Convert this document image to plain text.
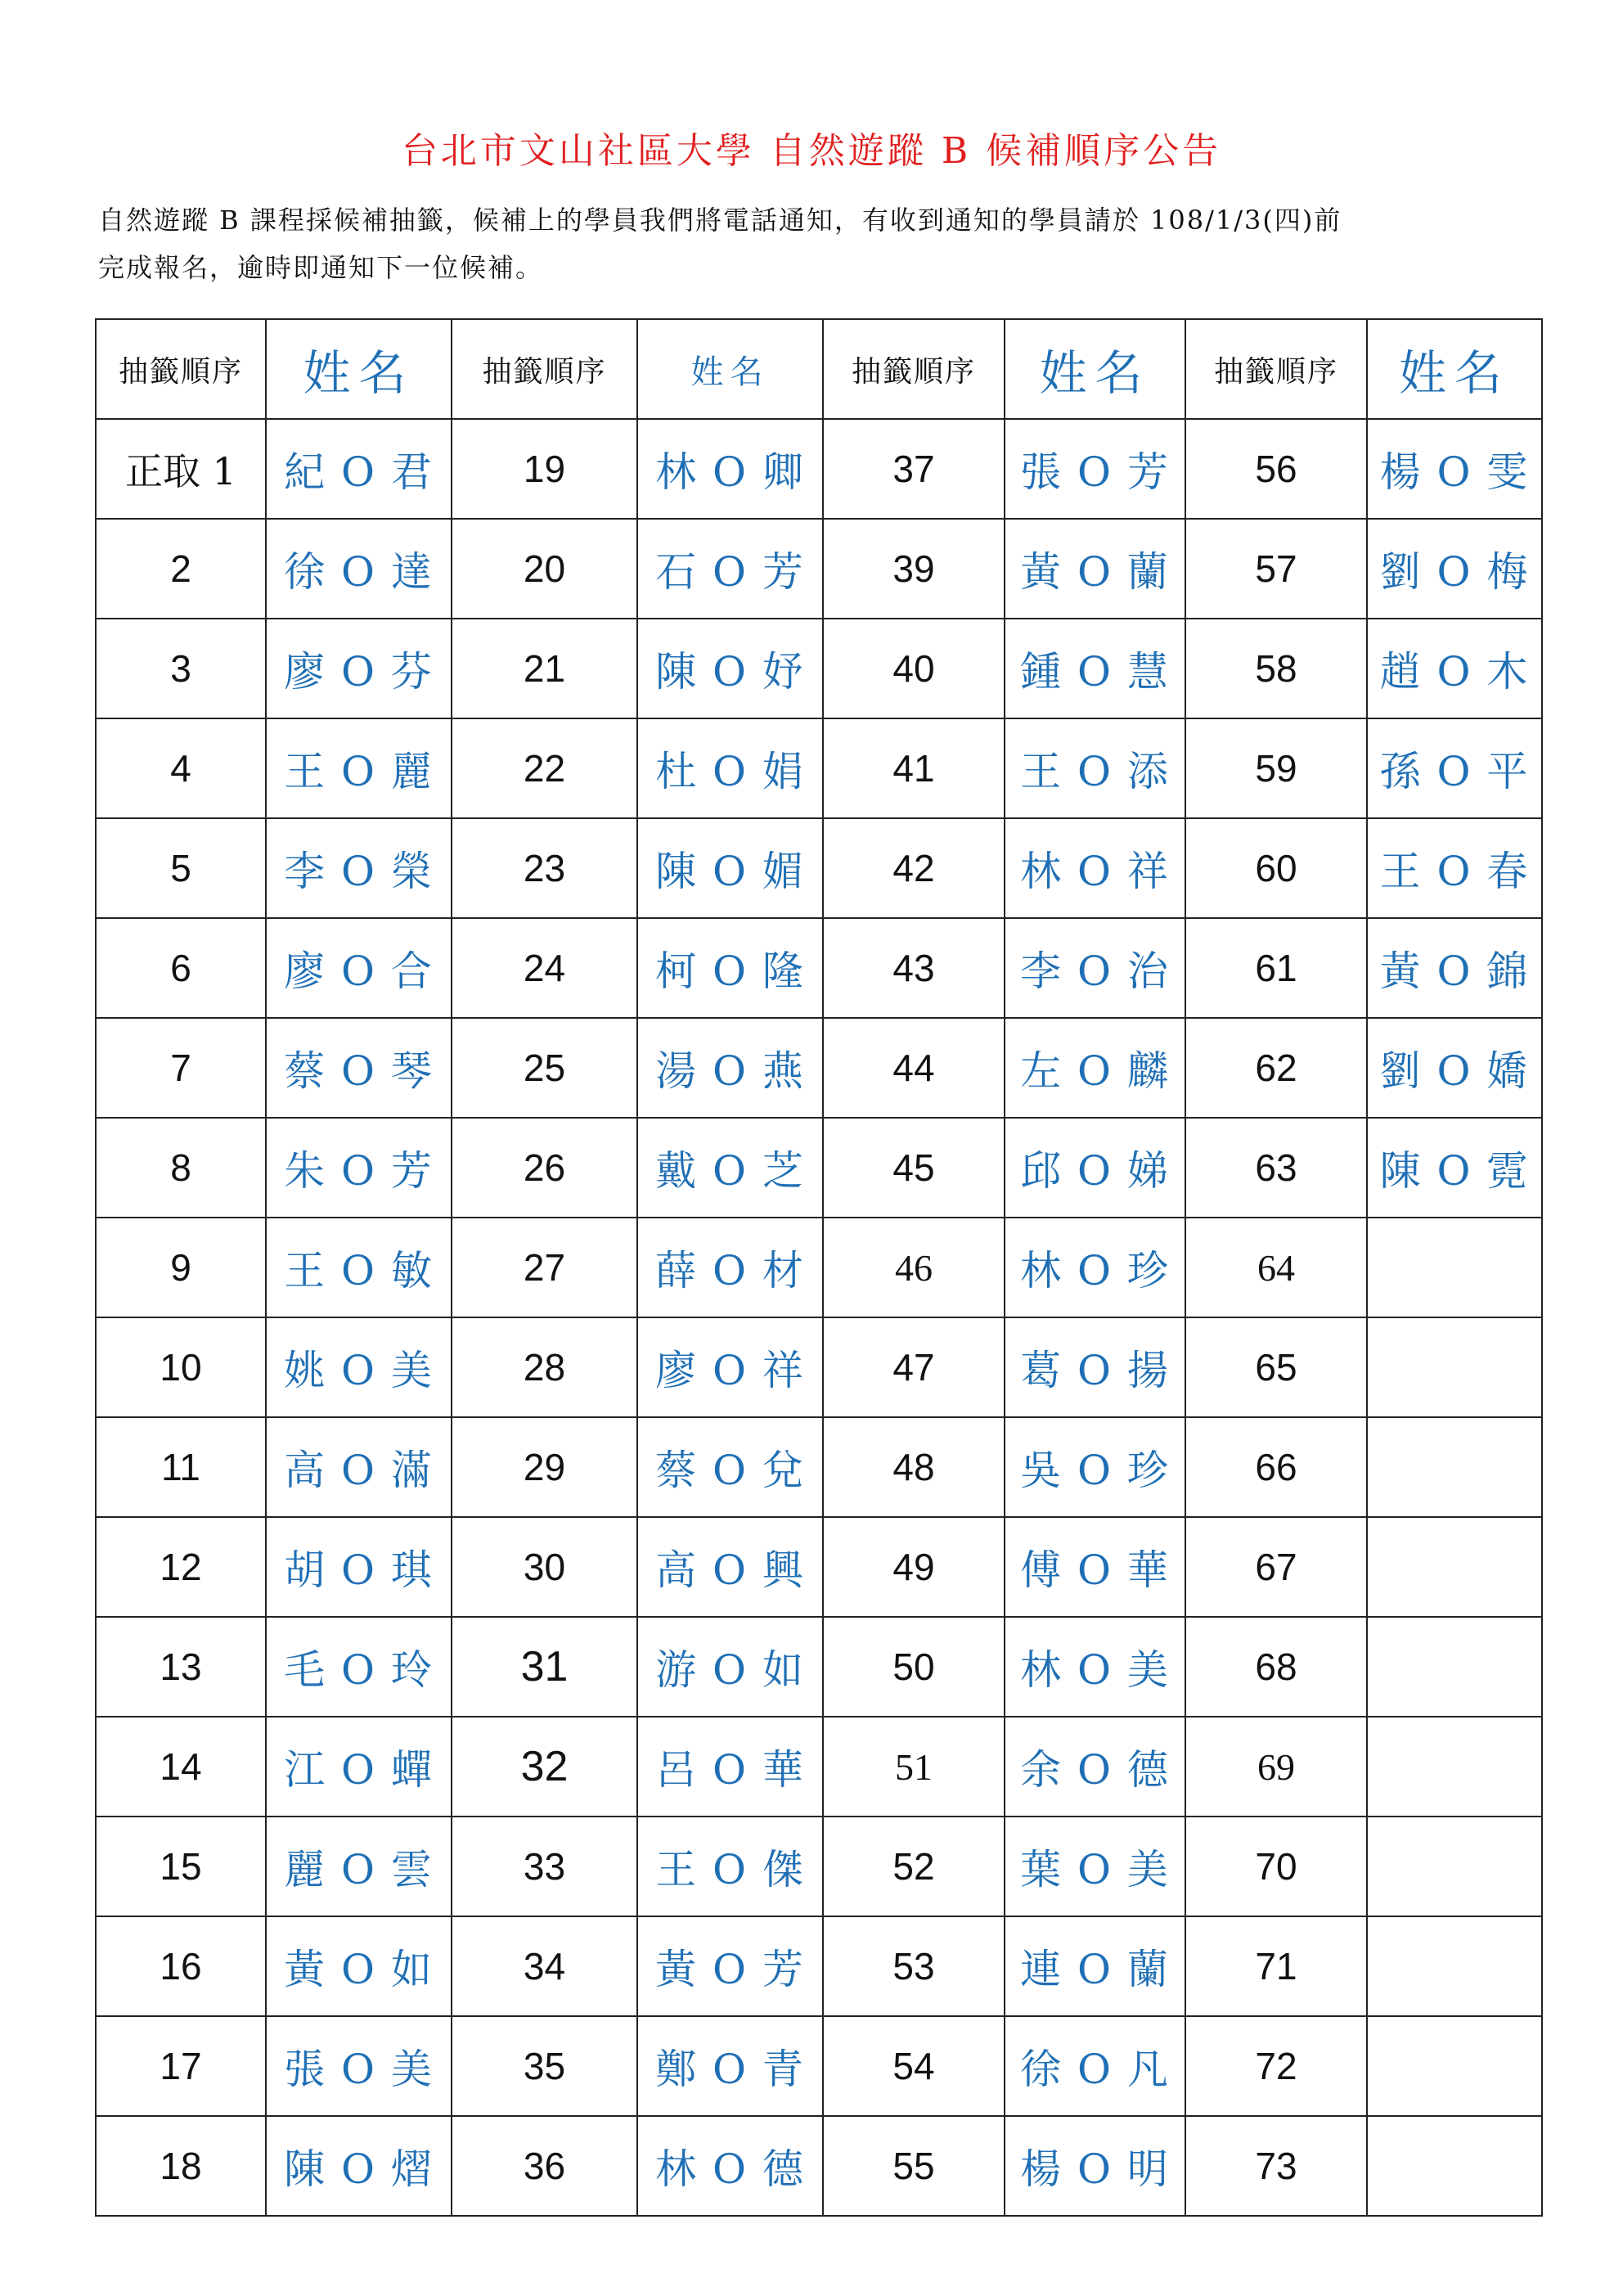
台北市文山社區大學 自然遊蹤 B 候補順序公告

自然遊蹤 B 課程採候補抽籤，候補上的學員我們將電話通知，有收到通知的學員請於 108/1/3(四)前

完成報名，逾時即通知下一位候補。

抽籤順序	姓名	抽籤順序	姓名	抽籤順序	姓名	抽籤順序	姓名
正取 1	紀 O 君	19	林 O 卿	37	張 O 芳	56	楊 O 雯
2	徐 O 達	20	石 O 芳	39	黃 O 蘭	57	劉 O 梅
3	廖 O 芬	21	陳 O 妤	40	鍾 O 慧	58	趙 O 木
4	王 O 麗	22	杜 O 娟	41	王 O 添	59	孫 O 平
5	李 O 榮	23	陳 O 媚	42	林 O 祥	60	王 O 春
6	廖 O 合	24	柯 O 隆	43	李 O 治	61	黃 O 錦
7	蔡 O 琴	25	湯 O 燕	44	左 O 麟	62	劉 O 嬌
8	朱 O 芳	26	戴 O 芝	45	邱 O 娣	63	陳 O 霓
9	王 O 敏	27	薛 O 材	46	林 O 珍	64	
10	姚 O 美	28	廖 O 祥	47	葛 O 揚	65	
11	高 O 滿	29	蔡 O 兌	48	吳 O 珍	66	
12	胡 O 琪	30	高 O 興	49	傅 O 華	67	
13	毛 O 玲	31	游 O 如	50	林 O 美	68	
14	江 O 蟬	32	呂 O 華	51	余 O 德	69	
15	麗 O 雲	33	王 O 傑	52	葉 O 美	70	
16	黃 O 如	34	黃 O 芳	53	連 O 蘭	71	
17	張 O 美	35	鄭 O 青	54	徐 O 凡	72	
18	陳 O 熠	36	林 O 德	55	楊 O 明	73	
